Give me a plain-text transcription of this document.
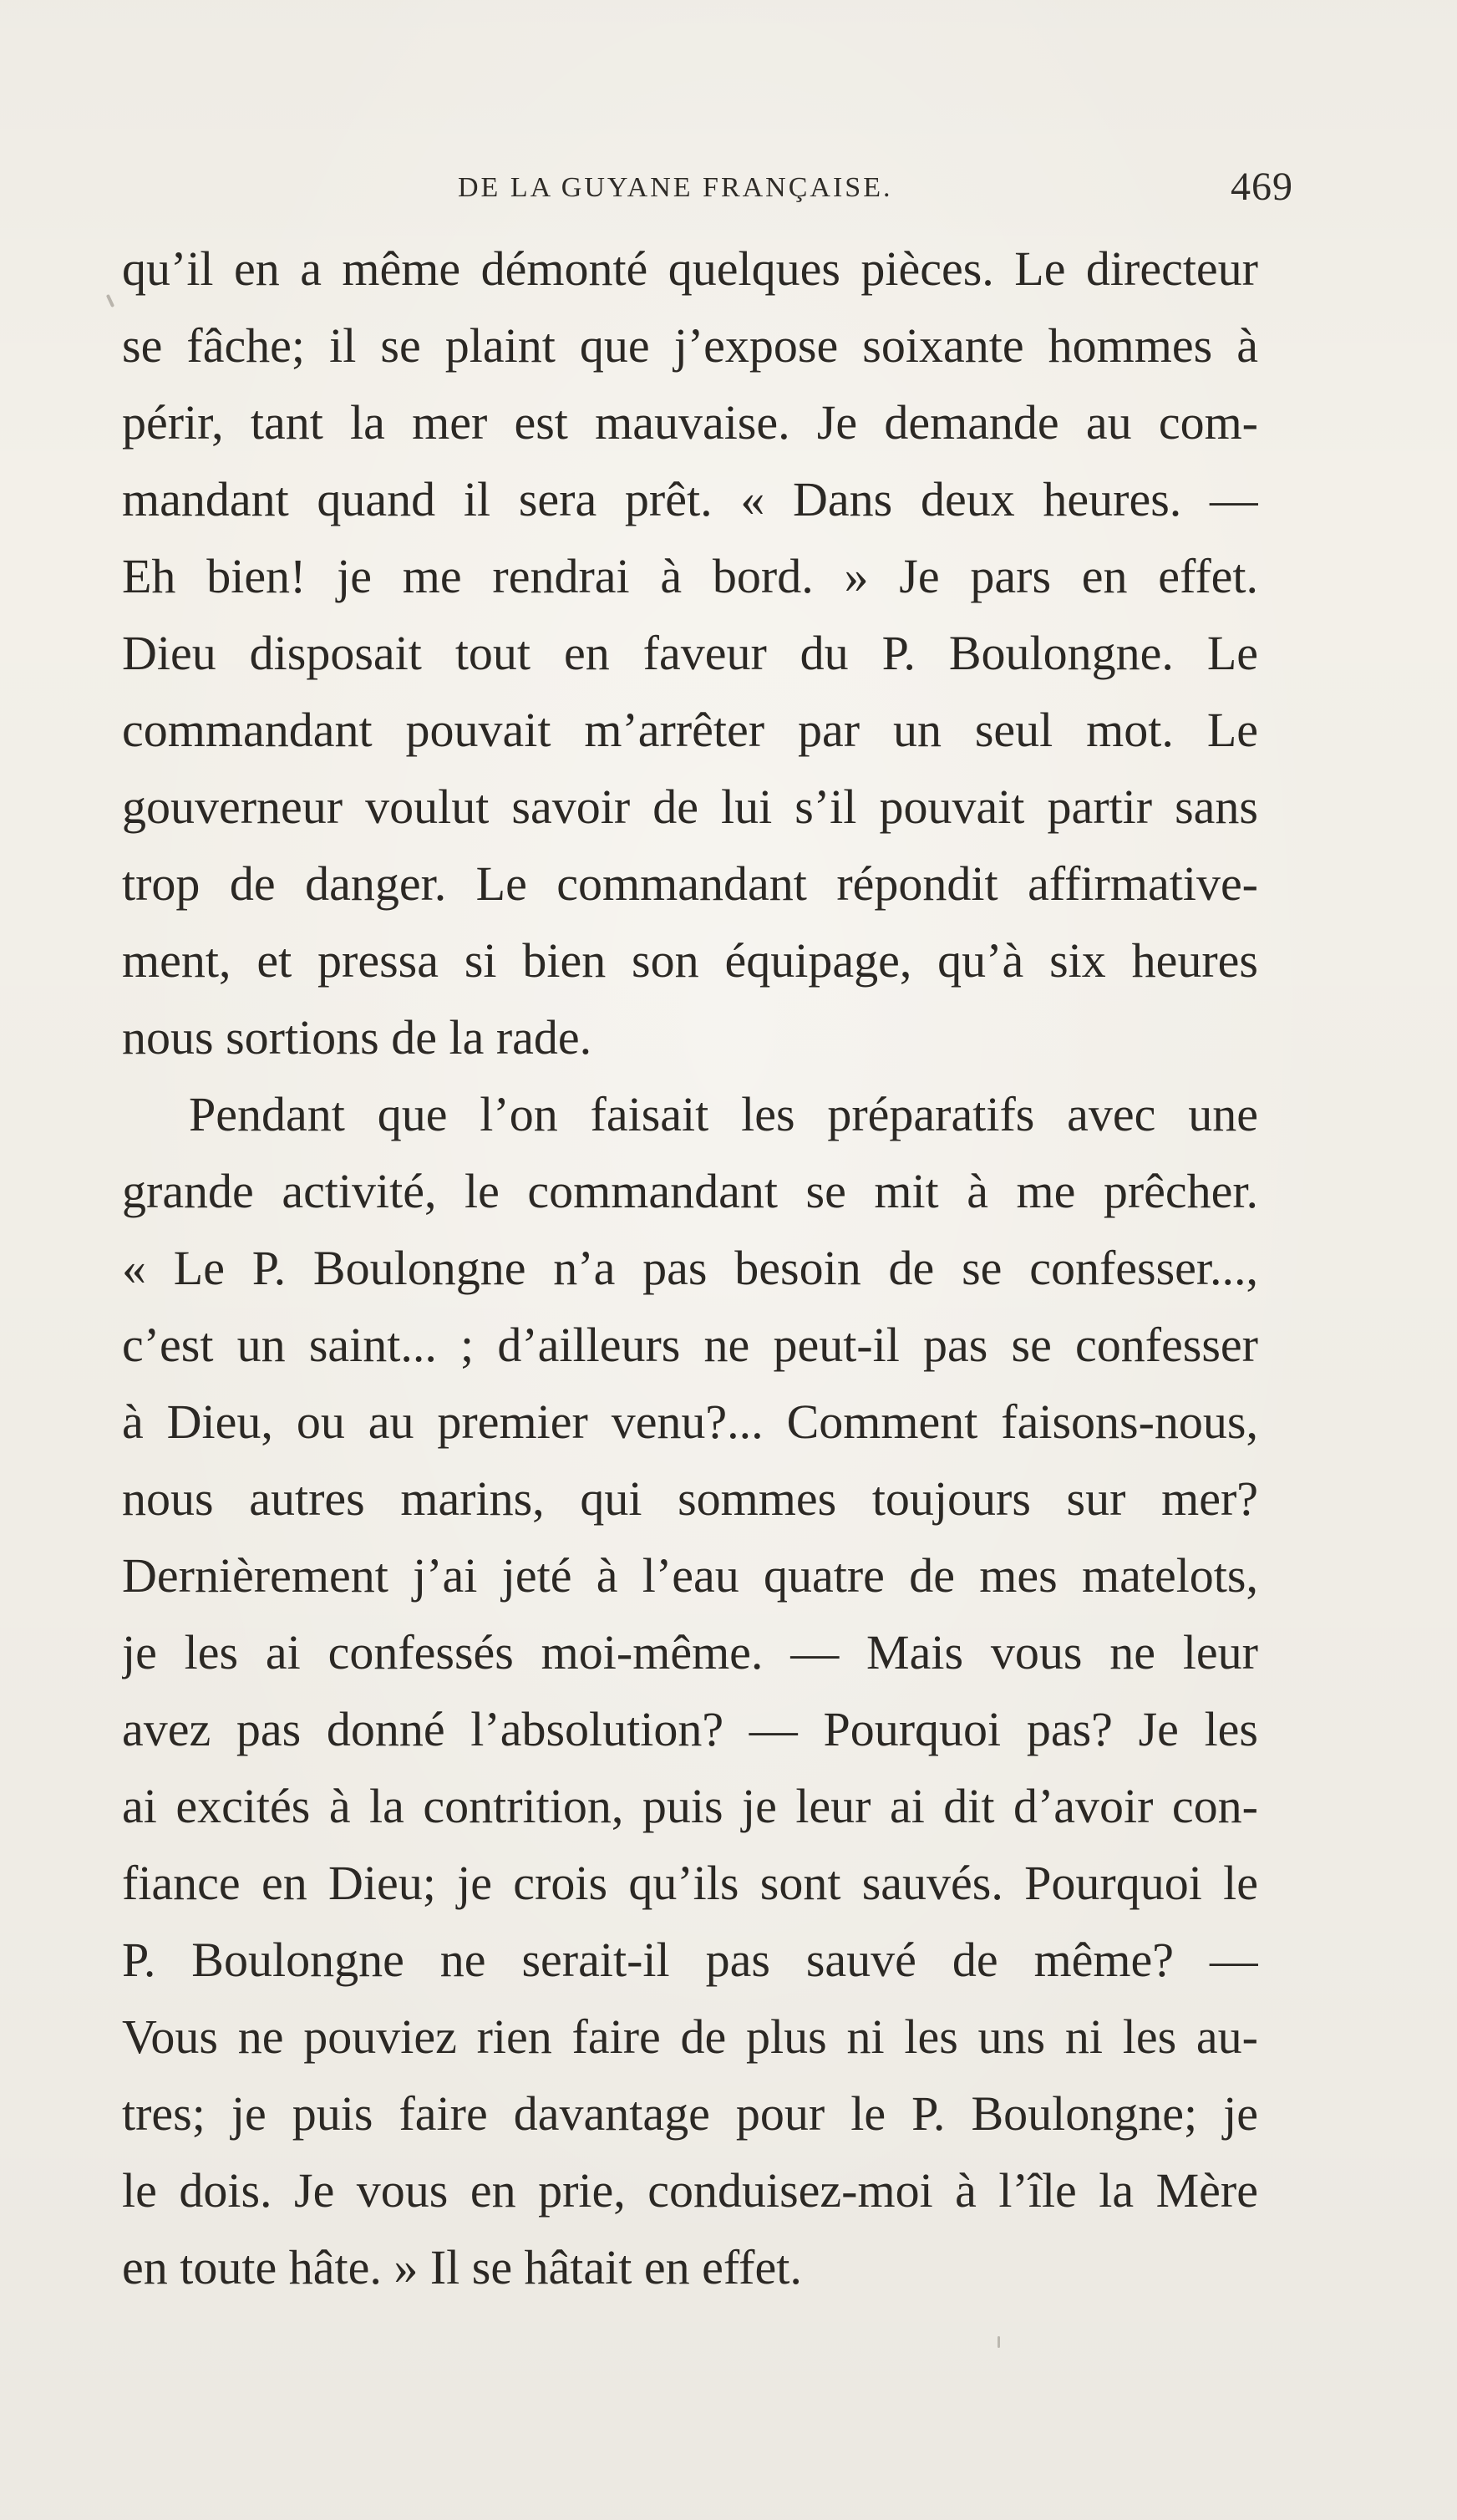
DE LA GUYANE FRANÇAISE.	469
qu’il en a même démonté quelques pièces. Le directeur
se fâche; il se plaint que j’expose soixante hommes à
périr, tant la mer est mauvaise. Je demande au com-
mandant quand il sera prêt. « Dans deux heures. —
Eh bien! je me rendrai à bord. » Je pars en effet.
Dieu disposait tout en faveur du P. Boulongne. Le
commandant pouvait m’arrêter par un seul mot. Le
gouverneur voulut savoir de lui s’il pouvait partir sans
trop de danger. Le commandant répondit affirmative-
ment, et pressa si bien son équipage, qu’à six heures
nous sortions de la rade.
Pendant que l’on faisait les préparatifs avec une
grande activité, le commandant se mit à me prêcher.
« Le P. Boulongne n’a pas besoin de se confesser...,
c’est un saint... ; d’ailleurs ne peut-il pas se confesser
à Dieu, ou au premier venu?... Comment faisons-nous,
nous autres marins, qui sommes toujours sur mer?
Dernièrement j’ai jeté à l’eau quatre de mes matelots,
je les ai confessés moi-même. — Mais vous ne leur
avez pas donné l’absolution? — Pourquoi pas? Je les
ai excités à la contrition, puis je leur ai dit d’avoir con-
fiance en Dieu; je crois qu’ils sont sauvés. Pourquoi le
P. Boulongne ne serait-il pas sauvé de même? —
Vous ne pouviez rien faire de plus ni les uns ni les au-
tres; je puis faire davantage pour le P. Boulongne; je
le dois. Je vous en prie, conduisez-moi à l’île la Mère
en toute hâte. » Il se hâtait en effet.
